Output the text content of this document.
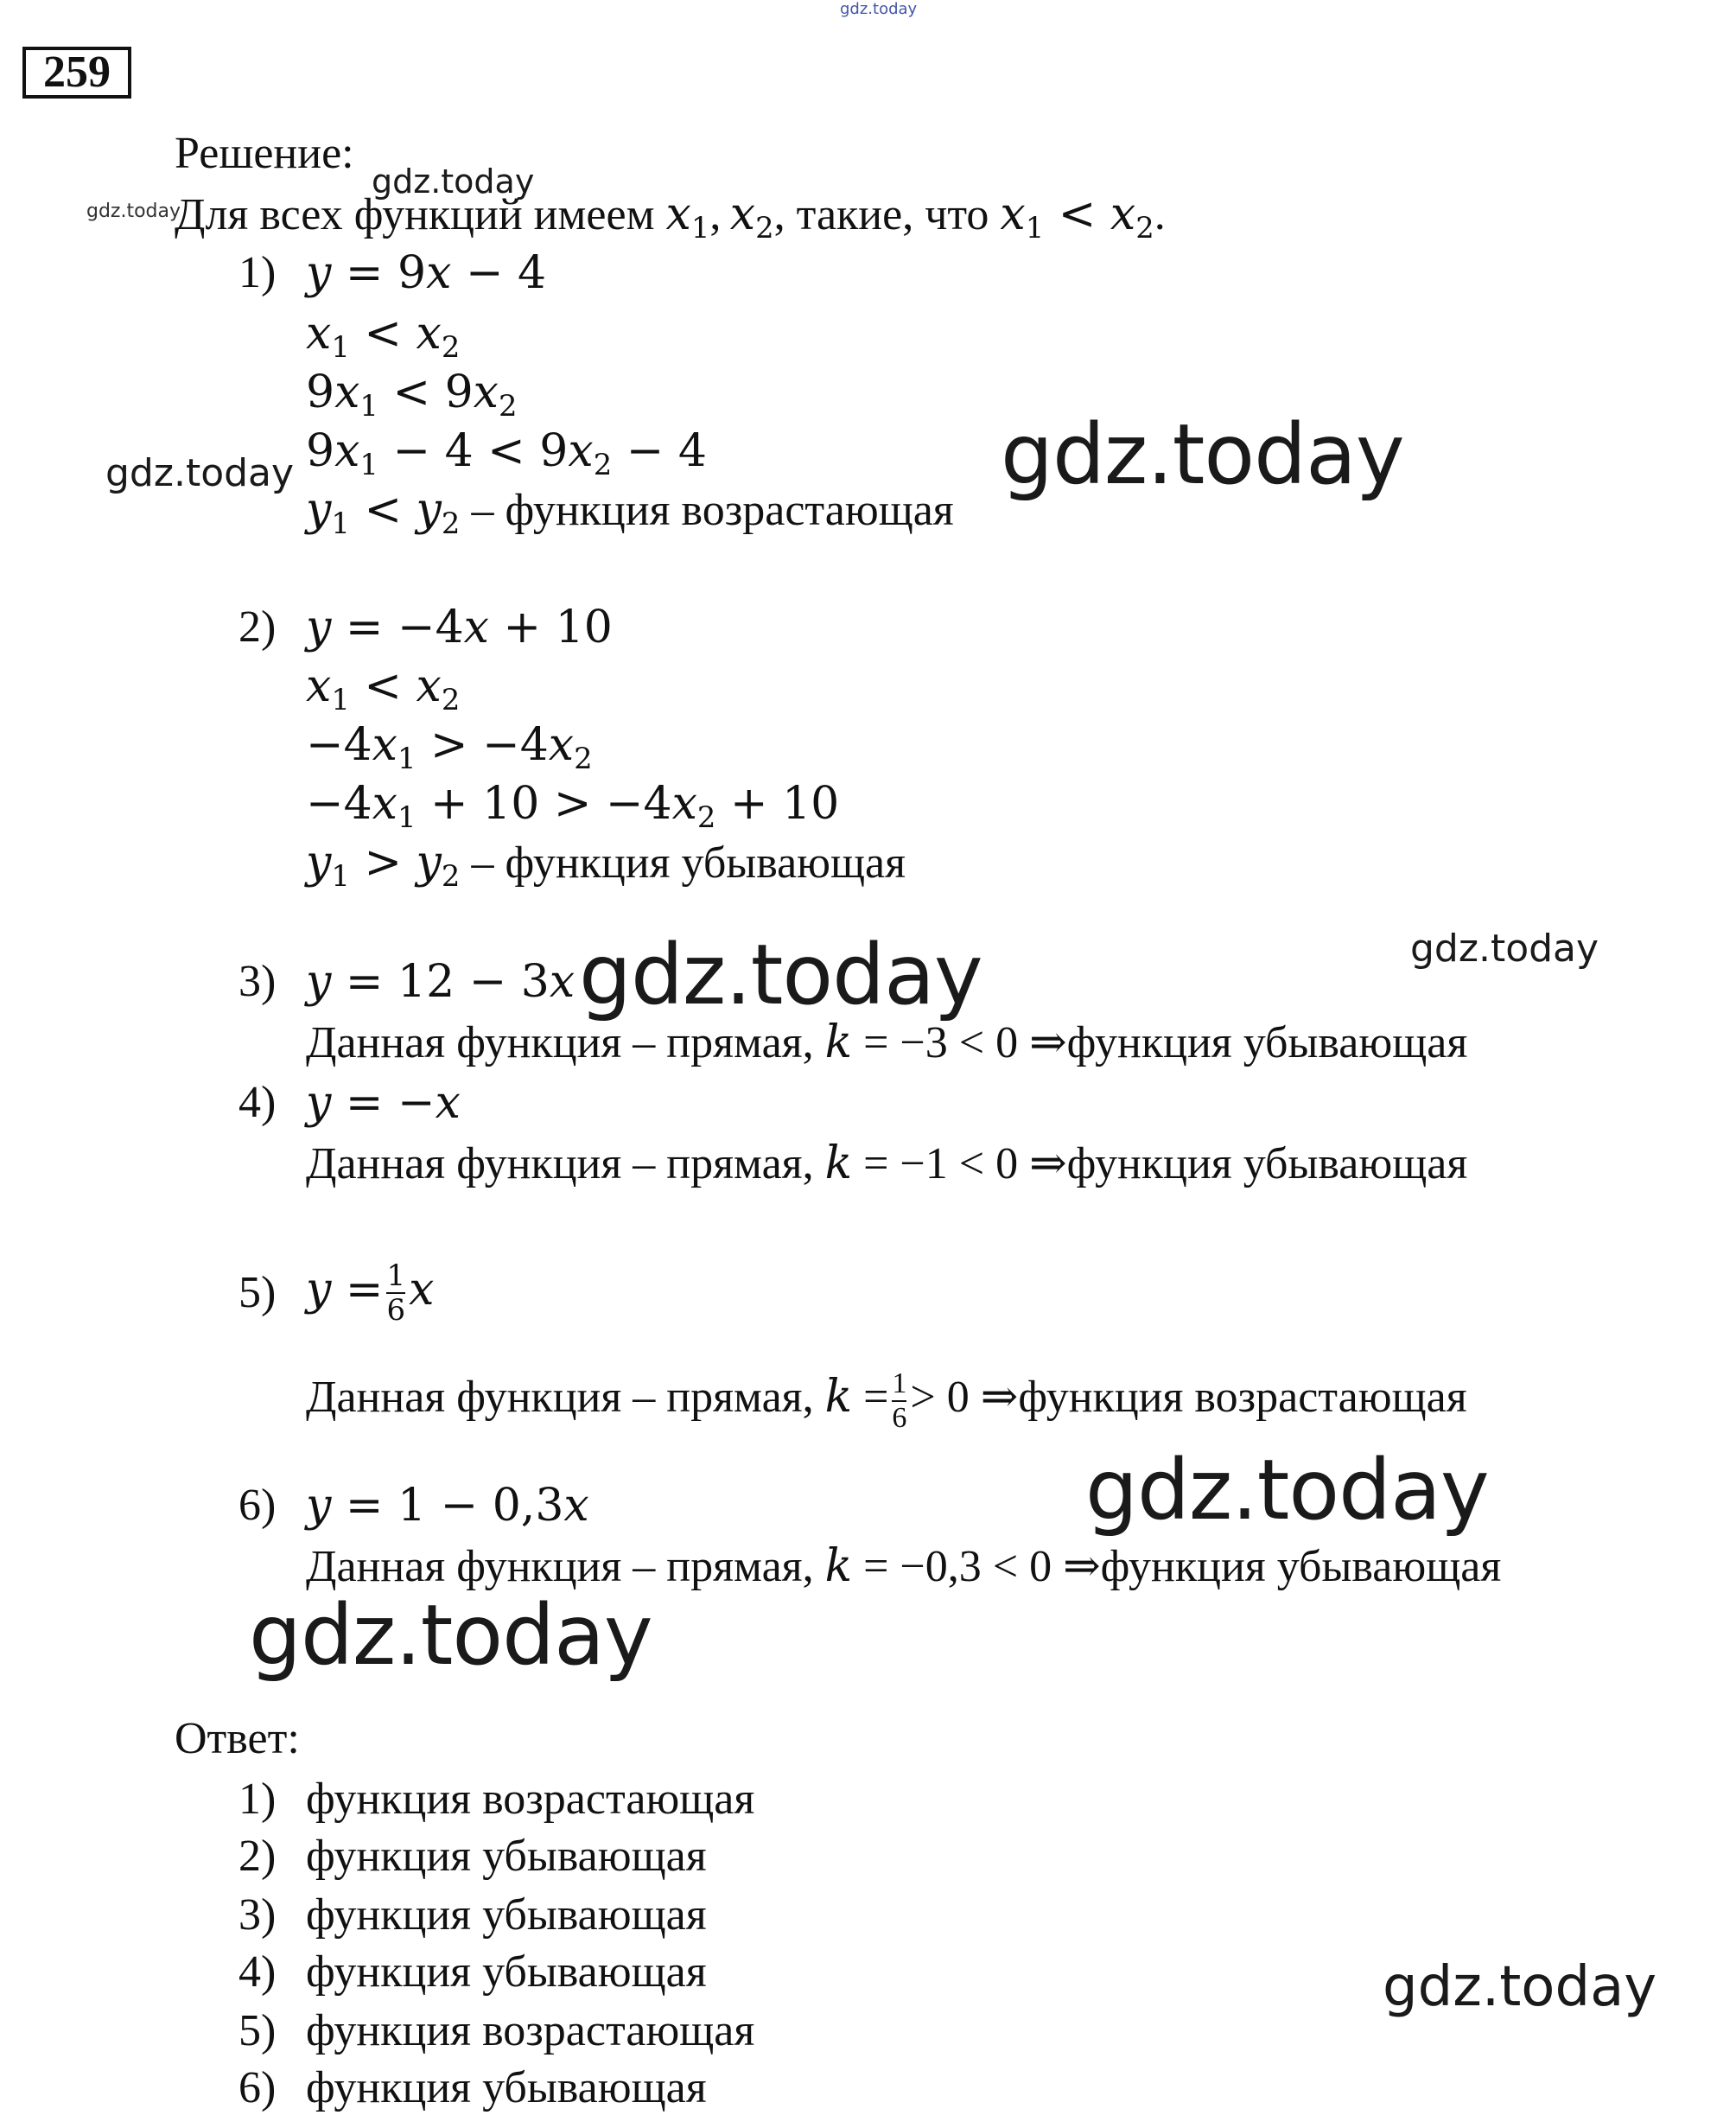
gdz.today
gdz.today
gdz.today
gdz.today	gdz.today
gdz.today
gdz.today
gdz.today
gdz.today
gdz.today
259
Решение:
Для всех функций имеем $x_1$, $x_2$, такие, что $x_1 < x_2$.
1) y = 9x − 4
$x_1 < x_2$
$9x_1 < 9x_2$
$9x_1 - 4 < 9x_2 - 4$
$y_1 < y_2$ – функция возрастающая
2) y = −4x + 10
$x_1 < x_2$
$-4x_1 > -4x_2$
$-4x_1 + 10 > -4x_2 + 10$
$y_1 > y_2$ – функция убывающая
3) y = 12 − 3x
Данная функция – прямая, k = −3 < 0 ⇒функция убывающая
4) y = −x
Данная функция – прямая, k = −1 < 0 ⇒функция убывающая
5) $y = \frac{1}{6}$ x
Данная функция – прямая, $k = \frac{1}{6} > 0$ ⇒функция возрастающая
6) y = 1 − 0,3x
Данная функция – прямая, k = −0,3 < 0 ⇒функция убывающая
Ответ:
1) функция возрастающая
2) функция убывающая
3) функция убывающая
4) функция убывающая
5) функция возрастающая
6) функция убывающая
